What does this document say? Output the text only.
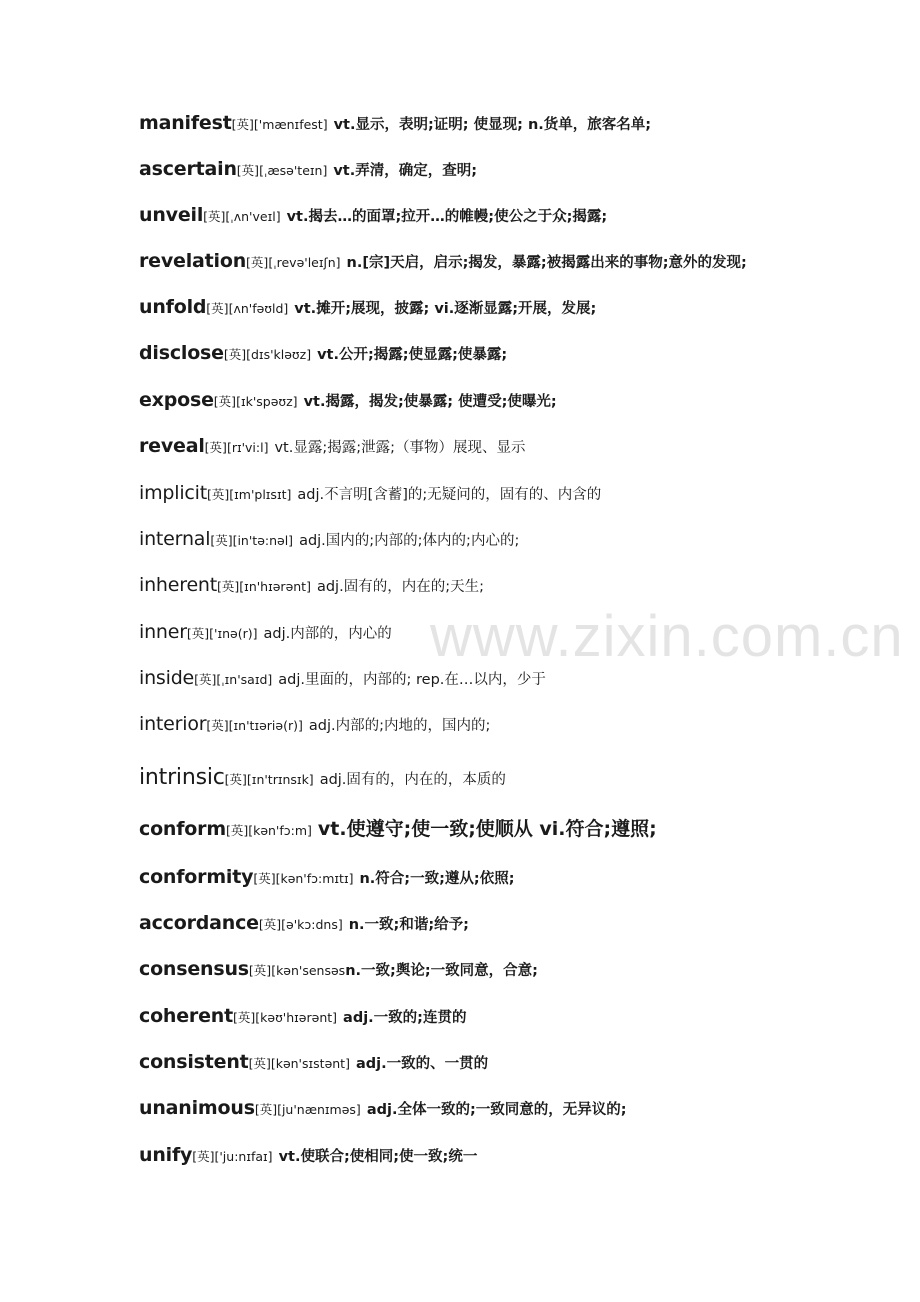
manifest [英] ['mænɪfest] vt.显示，表明;证明; 使显现; n.货单，旅客名单;
ascertain [英] [ˌæsə'teɪn] vt.弄清，确定，查明;
unveil [英] [ˌʌn'veɪl] vt.揭去…的面罩;拉开…的帷幔;使公之于众;揭露;
revelation [英] [ˌrevə'leɪʃn] n.[宗]天启，启示;揭发，暴露;被揭露出来的事物;意外的发现;
unfold [英] [ʌn'fəʊld] vt.摊开;展现，披露; vi.逐渐显露;开展，发展;
disclose [英] [dɪs'kləʊz] vt.公开;揭露;使显露;使暴露;
expose [英] [ɪk'spəʊz] vt.揭露，揭发;使暴露; 使遭受;使曝光;
reveal [英] [rɪ'vi:l] vt.显露;揭露;泄露;（事物）展现、显示
implicit [英] [ɪm'plɪsɪt] adj.不言明[含蓄]的;无疑问的，固有的、内含的
internal [英] [in'tə:nəl] adj.国内的;内部的;体内的;内心的;
inherent [英] [ɪn'hɪərənt] adj.固有的，内在的;天生;
inner [英] ['ɪnə(r)] adj.内部的，内心的
inside [英] [ˌɪn'saɪd] adj.里面的，内部的; rep.在…以内，少于
interior [英] [ɪn'tɪəriə(r)] adj.内部的;内地的，国内的;
intrinsic [英] [ɪn'trɪnsɪk] adj.固有的，内在的，本质的
conform [英] [kən'fɔ:m] vt.使遵守;使一致;使顺从 vi.符合;遵照;
conformity [英] [kən'fɔ:mɪtɪ] n.符合;一致;遵从;依照;
accordance [英] [ə'kɔ:dns] n.一致;和谐;给予;
consensus [英] [kən'sensəs n.一致;舆论;一致同意，合意;
coherent [英] [kəʊ'hɪərənt] adj.一致的;连贯的
consistent [英] [kən'sɪstənt] adj.一致的、一贯的
unanimous [英] [ju'nænɪməs] adj.全体一致的;一致同意的，无异议的;
unify [英] ['ju:nɪfaɪ] vt.使联合;使相同;使一致;统一
www.zixin.com.cn
